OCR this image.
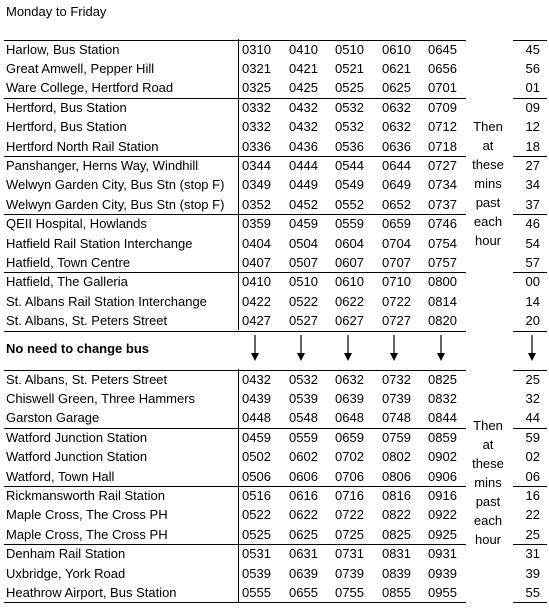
Monday to Friday
Harlow, Bus Station	0310 0410 0510 0610 0645	45
Great Amwell, Pepper Hill	0321 0421 0521 0621 0656	56
Ware College, Hertford Road	0325 0425 0525 0625 0701	01
Hertford, Bus Station	0332 0432 0532 0632 0709	09
Hertford, Bus Station	0332 0432 0532 0632 0712	12
Hertford North Rail Station	0336 0436 0536 0636 0718	18
Panshanger, Herns Way, Windhill	0344 0444 0544 0644 0727	27
Welwyn Garden City, Bus Stn (stop F) 0349 0449 0549 0649 0734	34
Welwyn Garden City, Bus Stn (stop F) 0352 0452 0552 0652 0737	37
QEII Hospital, Howlands	0359 0459 0559 0659 0746	46
Hatfield Rail Station Interchange	0404 0504 0604 0704 0754	54
Hatfield, Town Centre	0407 0507 0607 0707 0757	57
Hatfield, The Galleria	0410 0510 0610 0710 0800	00
St. Albans Rail Station Interchange	0422 0522 0622 0722 0814	14
St. Albans, St. Peters Street	0427 0527 0627 0727 0820	20
Then
at
these
mins
past
each
hour
No need to change bus
St. Albans, St. Peters Street	0432 0532 0632 0732 0825	25
Chiswell Green, Three Hammers	0439 0539 0639 0739 0832	32
Garston Garage	0448 0548 0648 0748 0844	44
Watford Junction Station	0459 0559 0659 0759 0859	59
Watford Junction Station	0502 0602 0702 0802 0902	02
Watford, Town Hall	0506 0606 0706 0806 0906	06
Rickmansworth Rail Station	0516 0616 0716 0816 0916	16
Maple Cross, The Cross PH	0522 0622 0722 0822 0922	22
Maple Cross, The Cross PH	0525 0625 0725 0825 0925	25
Denham Rail Station	0531 0631 0731 0831 0931	31
Uxbridge, York Road	0539 0639 0739 0839 0939	39
Heathrow Airport, Bus Station	0555 0655 0755 0855 0955	55
Then
at
these
mins
past
each
hour
